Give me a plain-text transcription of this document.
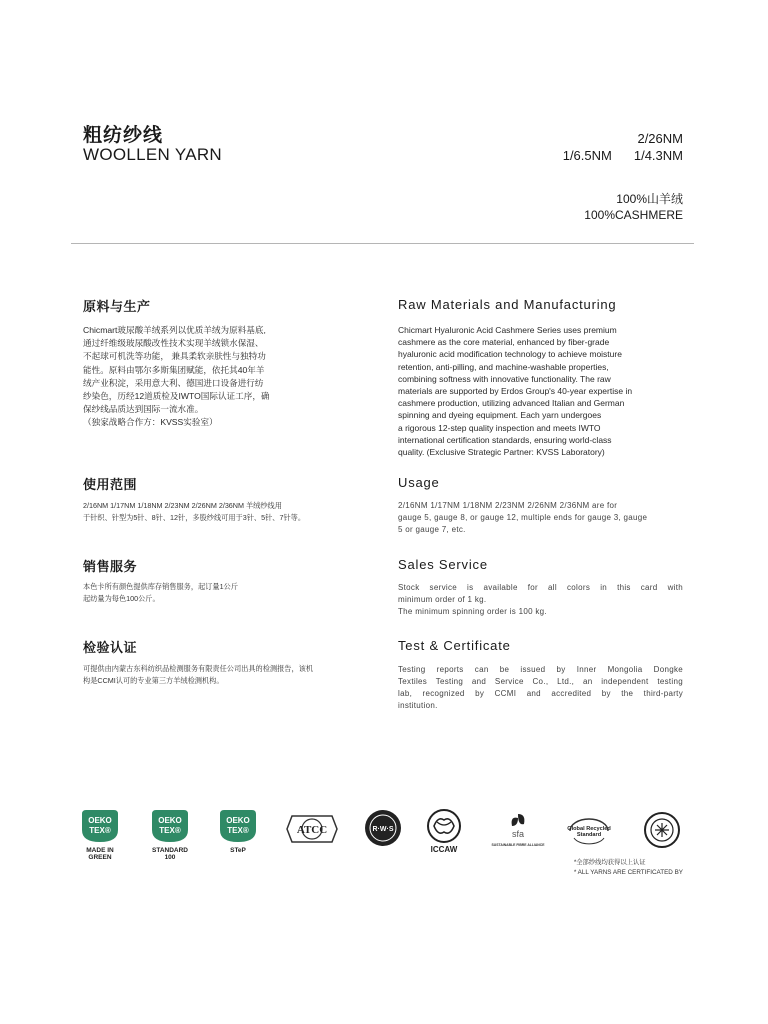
粗纺纱线
WOOLLEN YARN
2/26NM
1/6.5NM 1/4.3NM
100%山羊绒
100%CASHMERE
原料与生产	Raw Materials and Manufacturing
Chicmart玻尿酸羊绒系列以优质羊绒为原料基底,
通过纤维级玻尿酸改性技术实现羊绒锁水保湿、
不起球可机洗等功能， 兼具柔软亲肤性与独特功
能性。原料由鄂尔多斯集团赋能，依托其40年羊
绒产业积淀，采用意大利、德国进口设备进行纺
纱染色，历经12道质检及IWTO国际认证工序，确
保纱线品质达到国际一流水准。
（独家战略合作方：KVSS实验室）
Chicmart Hyaluronic Acid Cashmere Series uses premium
cashmere as the core material, enhanced by fiber-grade
hyaluronic acid modification technology to achieve moisture
retention, anti-pilling, and machine-washable properties,
combining softness with innovative functionality. The raw
materials are supported by Erdos Group's 40-year expertise in
cashmere production, utilizing advanced Italian and German
spinning and dyeing equipment. Each yarn undergoes
a rigorous 12-step quality inspection and meets IWTO
international certification standards, ensuring world-class
quality. (Exclusive Strategic Partner: KVSS Laboratory)
使用范围	Usage
2/16NM 1/17NM 1/18NM 2/23NM 2/26NM 2/36NM 羊绒纱线用
于针织、针型为5针、8针、12针，多股纱线可用于3针、5针、7针等。
2/16NM 1/17NM 1/18NM 2/23NM 2/26NM 2/36NM are for
gauge 5, gauge 8, or gauge 12, multiple ends for gauge 3, gauge
5 or gauge 7, etc.
销售服务	Sales Service
本色卡所有颜色提供库存销售服务，起订量1公斤
起纺量为每色100公斤。
Stock service is available for all colors in this card with
minimum order of 1 kg.
The minimum spinning order is 100 kg.
检验认证	Test & Certificate
可提供由内蒙古东科纺织品检测服务有限责任公司出具的检测报告，该机
构是CCMI认可的专业第三方羊绒检测机构。
Testing reports can be issued by Inner Mongolia Dongke
Textiles Testing and Service Co., Ltd., an independent testing
lab, recognized by CCMI and accredited by the third-party
institution.
OEKO
TEX®
MADE IN
GREEN
OEKO
TEX®
STANDARD
100
OEKO
TEX®
STeP
ATCC	R·W·S
ICCAW
sfa
SUSTAINABLE FIBRE ALLIANCE
Global Recycled
Standard
*全部纱线均获得以上认证
* ALL YARNS ARE CERTIFICATED BY
